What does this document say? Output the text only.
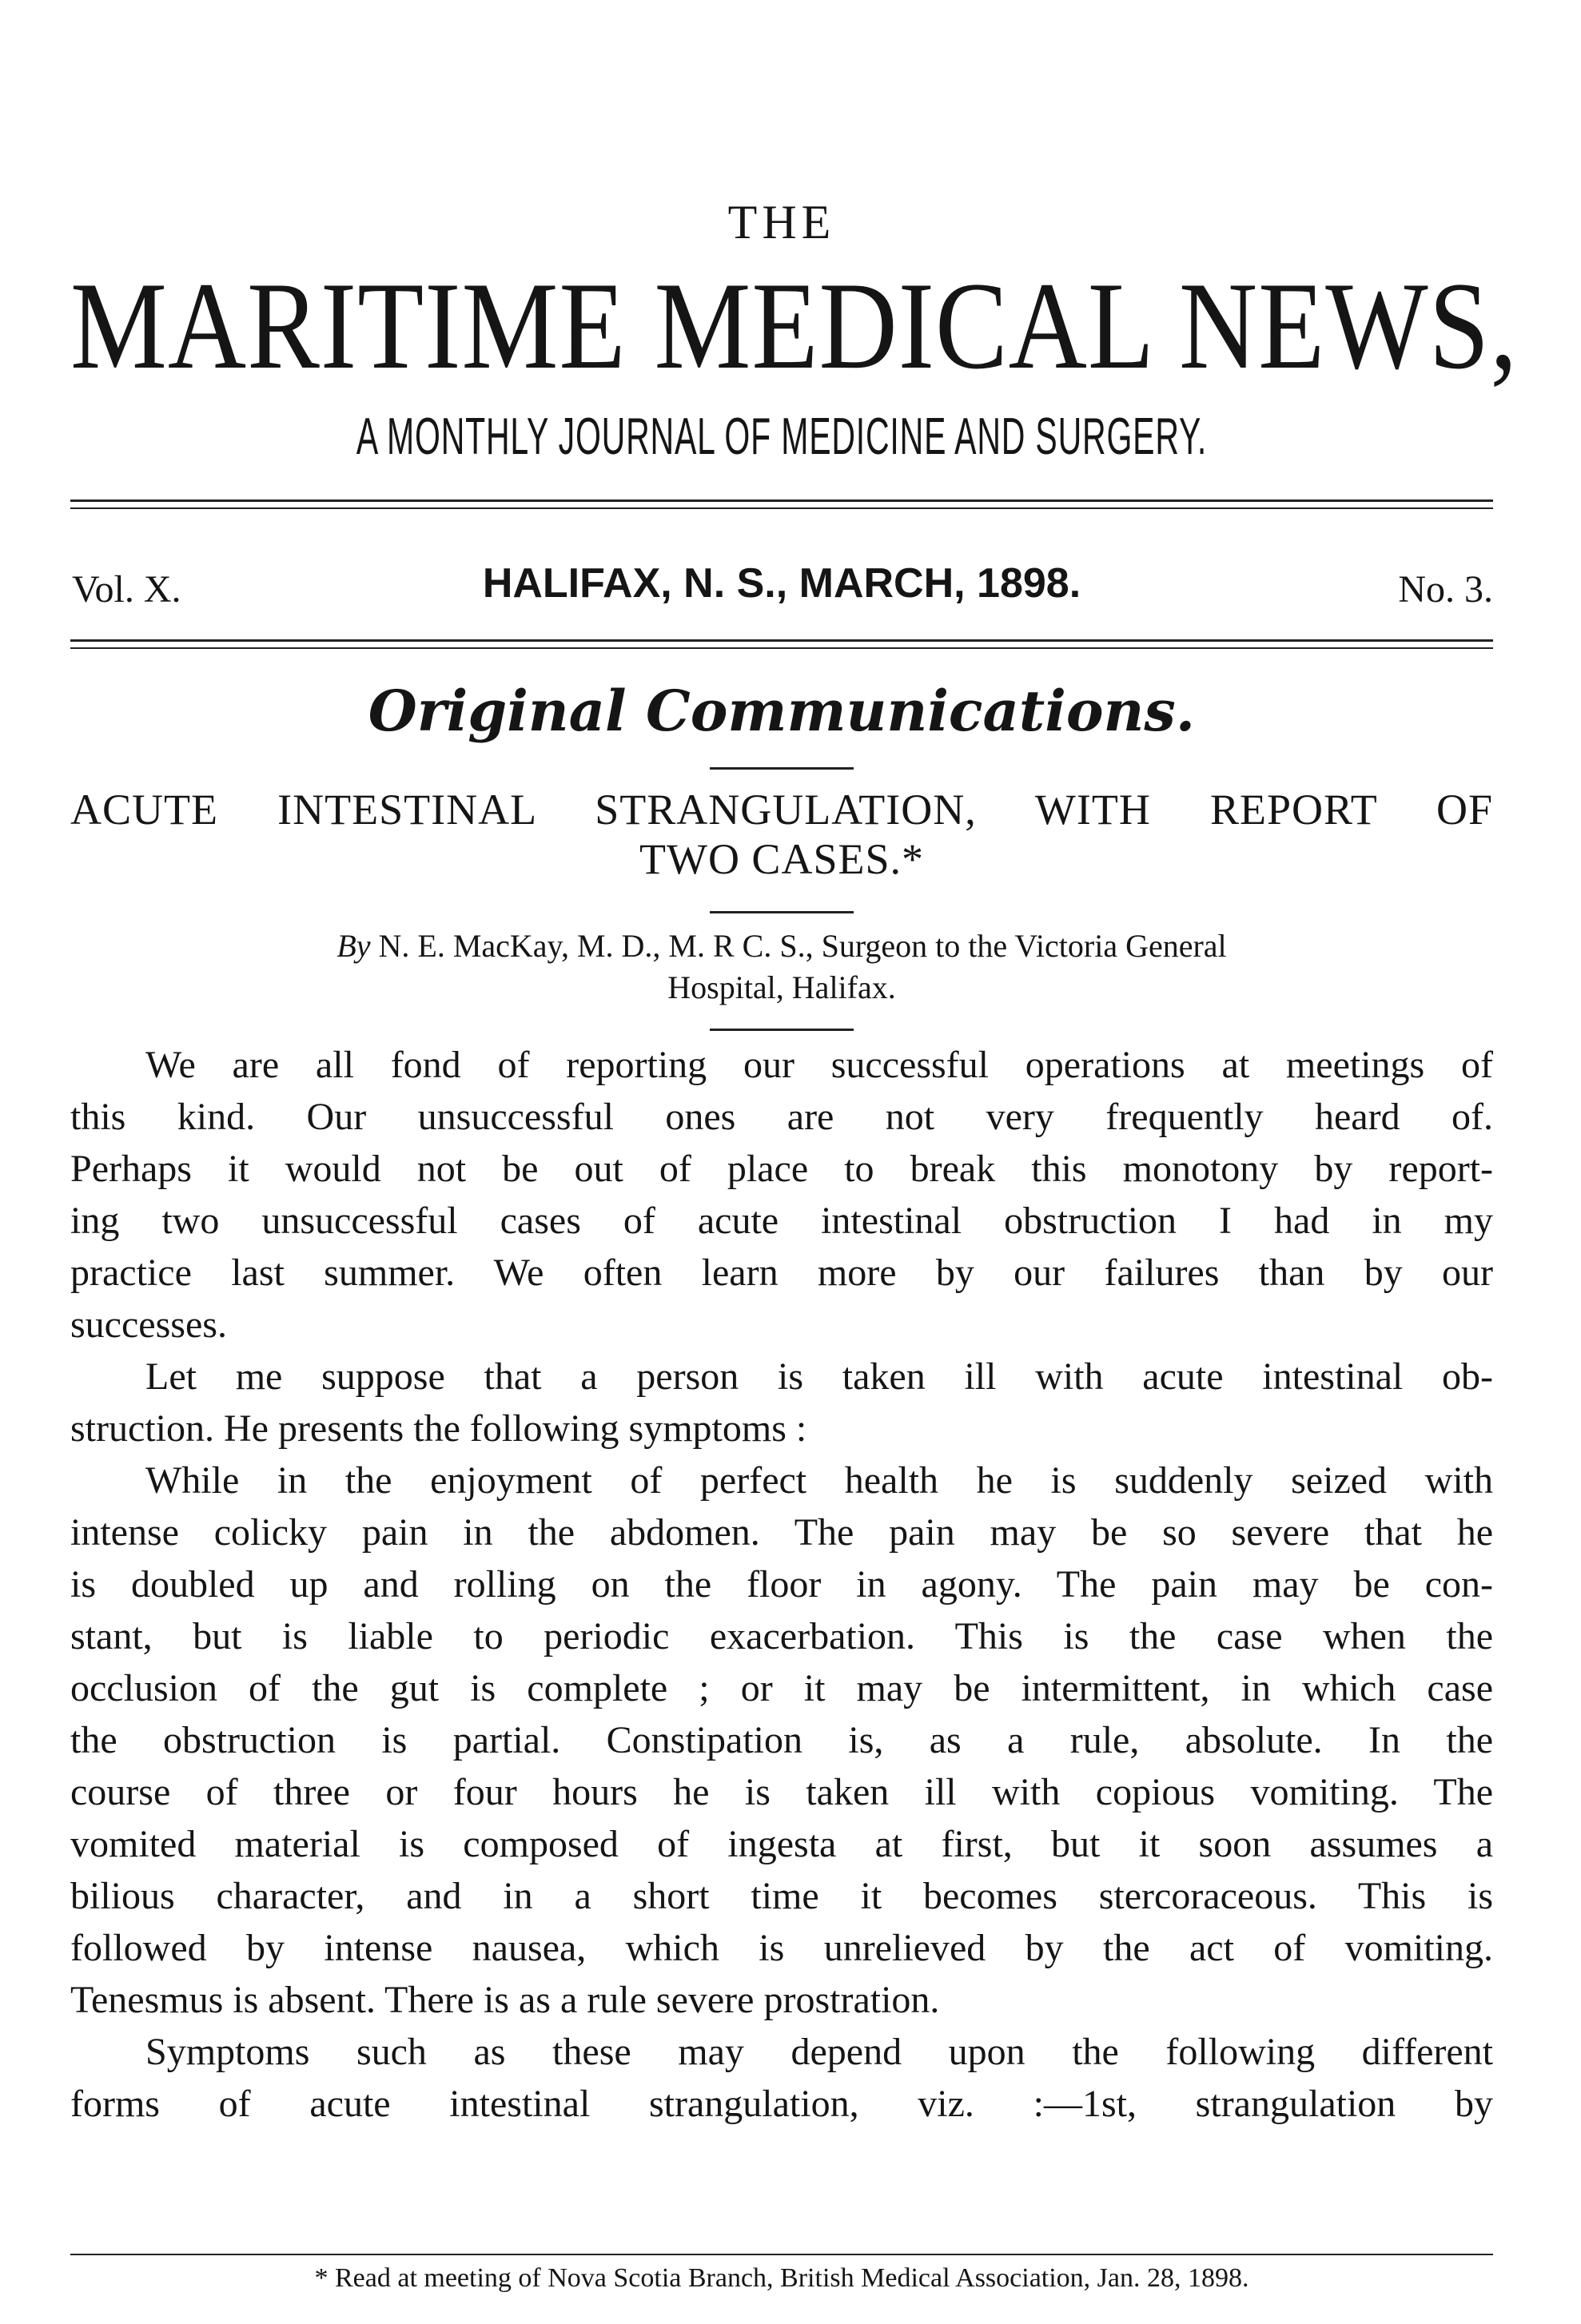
THE
MARITIME MEDICAL NEWS,
A MONTHLY JOURNAL OF MEDICINE AND SURGERY.
Vol. X.	HALIFAX, N. S., MARCH, 1898.	No. 3.
Original Communications.
ACUTE INTESTINAL STRANGULATION, WITH REPORT OF
TWO CASES.*
By N. E. MacKay, M. D., M. R C. S., Surgeon to the Victoria General
Hospital, Halifax.
We are all fond of reporting our successful operations at meetings of
this kind. Our unsuccessful ones are not very frequently heard of.
Perhaps it would not be out of place to break this monotony by report-
ing two unsuccessful cases of acute intestinal obstruction I had in my
practice last summer. We often learn more by our failures than by our
successes.
Let me suppose that a person is taken ill with acute intestinal ob-
struction. He presents the following symptoms :
While in the enjoyment of perfect health he is suddenly seized with
intense colicky pain in the abdomen. The pain may be so severe that he
is doubled up and rolling on the floor in agony. The pain may be con-
stant, but is liable to periodic exacerbation. This is the case when the
occlusion of the gut is complete ; or it may be intermittent, in which case
the obstruction is partial. Constipation is, as a rule, absolute. In the
course of three or four hours he is taken ill with copious vomiting. The
vomited material is composed of ingesta at first, but it soon assumes a
bilious character, and in a short time it becomes stercoraceous. This is
followed by intense nausea, which is unrelieved by the act of vomiting.
Tenesmus is absent. There is as a rule severe prostration.
Symptoms such as these may depend upon the following different
forms of acute intestinal strangulation, viz. :—1st, strangulation by
* Read at meeting of Nova Scotia Branch, British Medical Association, Jan. 28, 1898.
